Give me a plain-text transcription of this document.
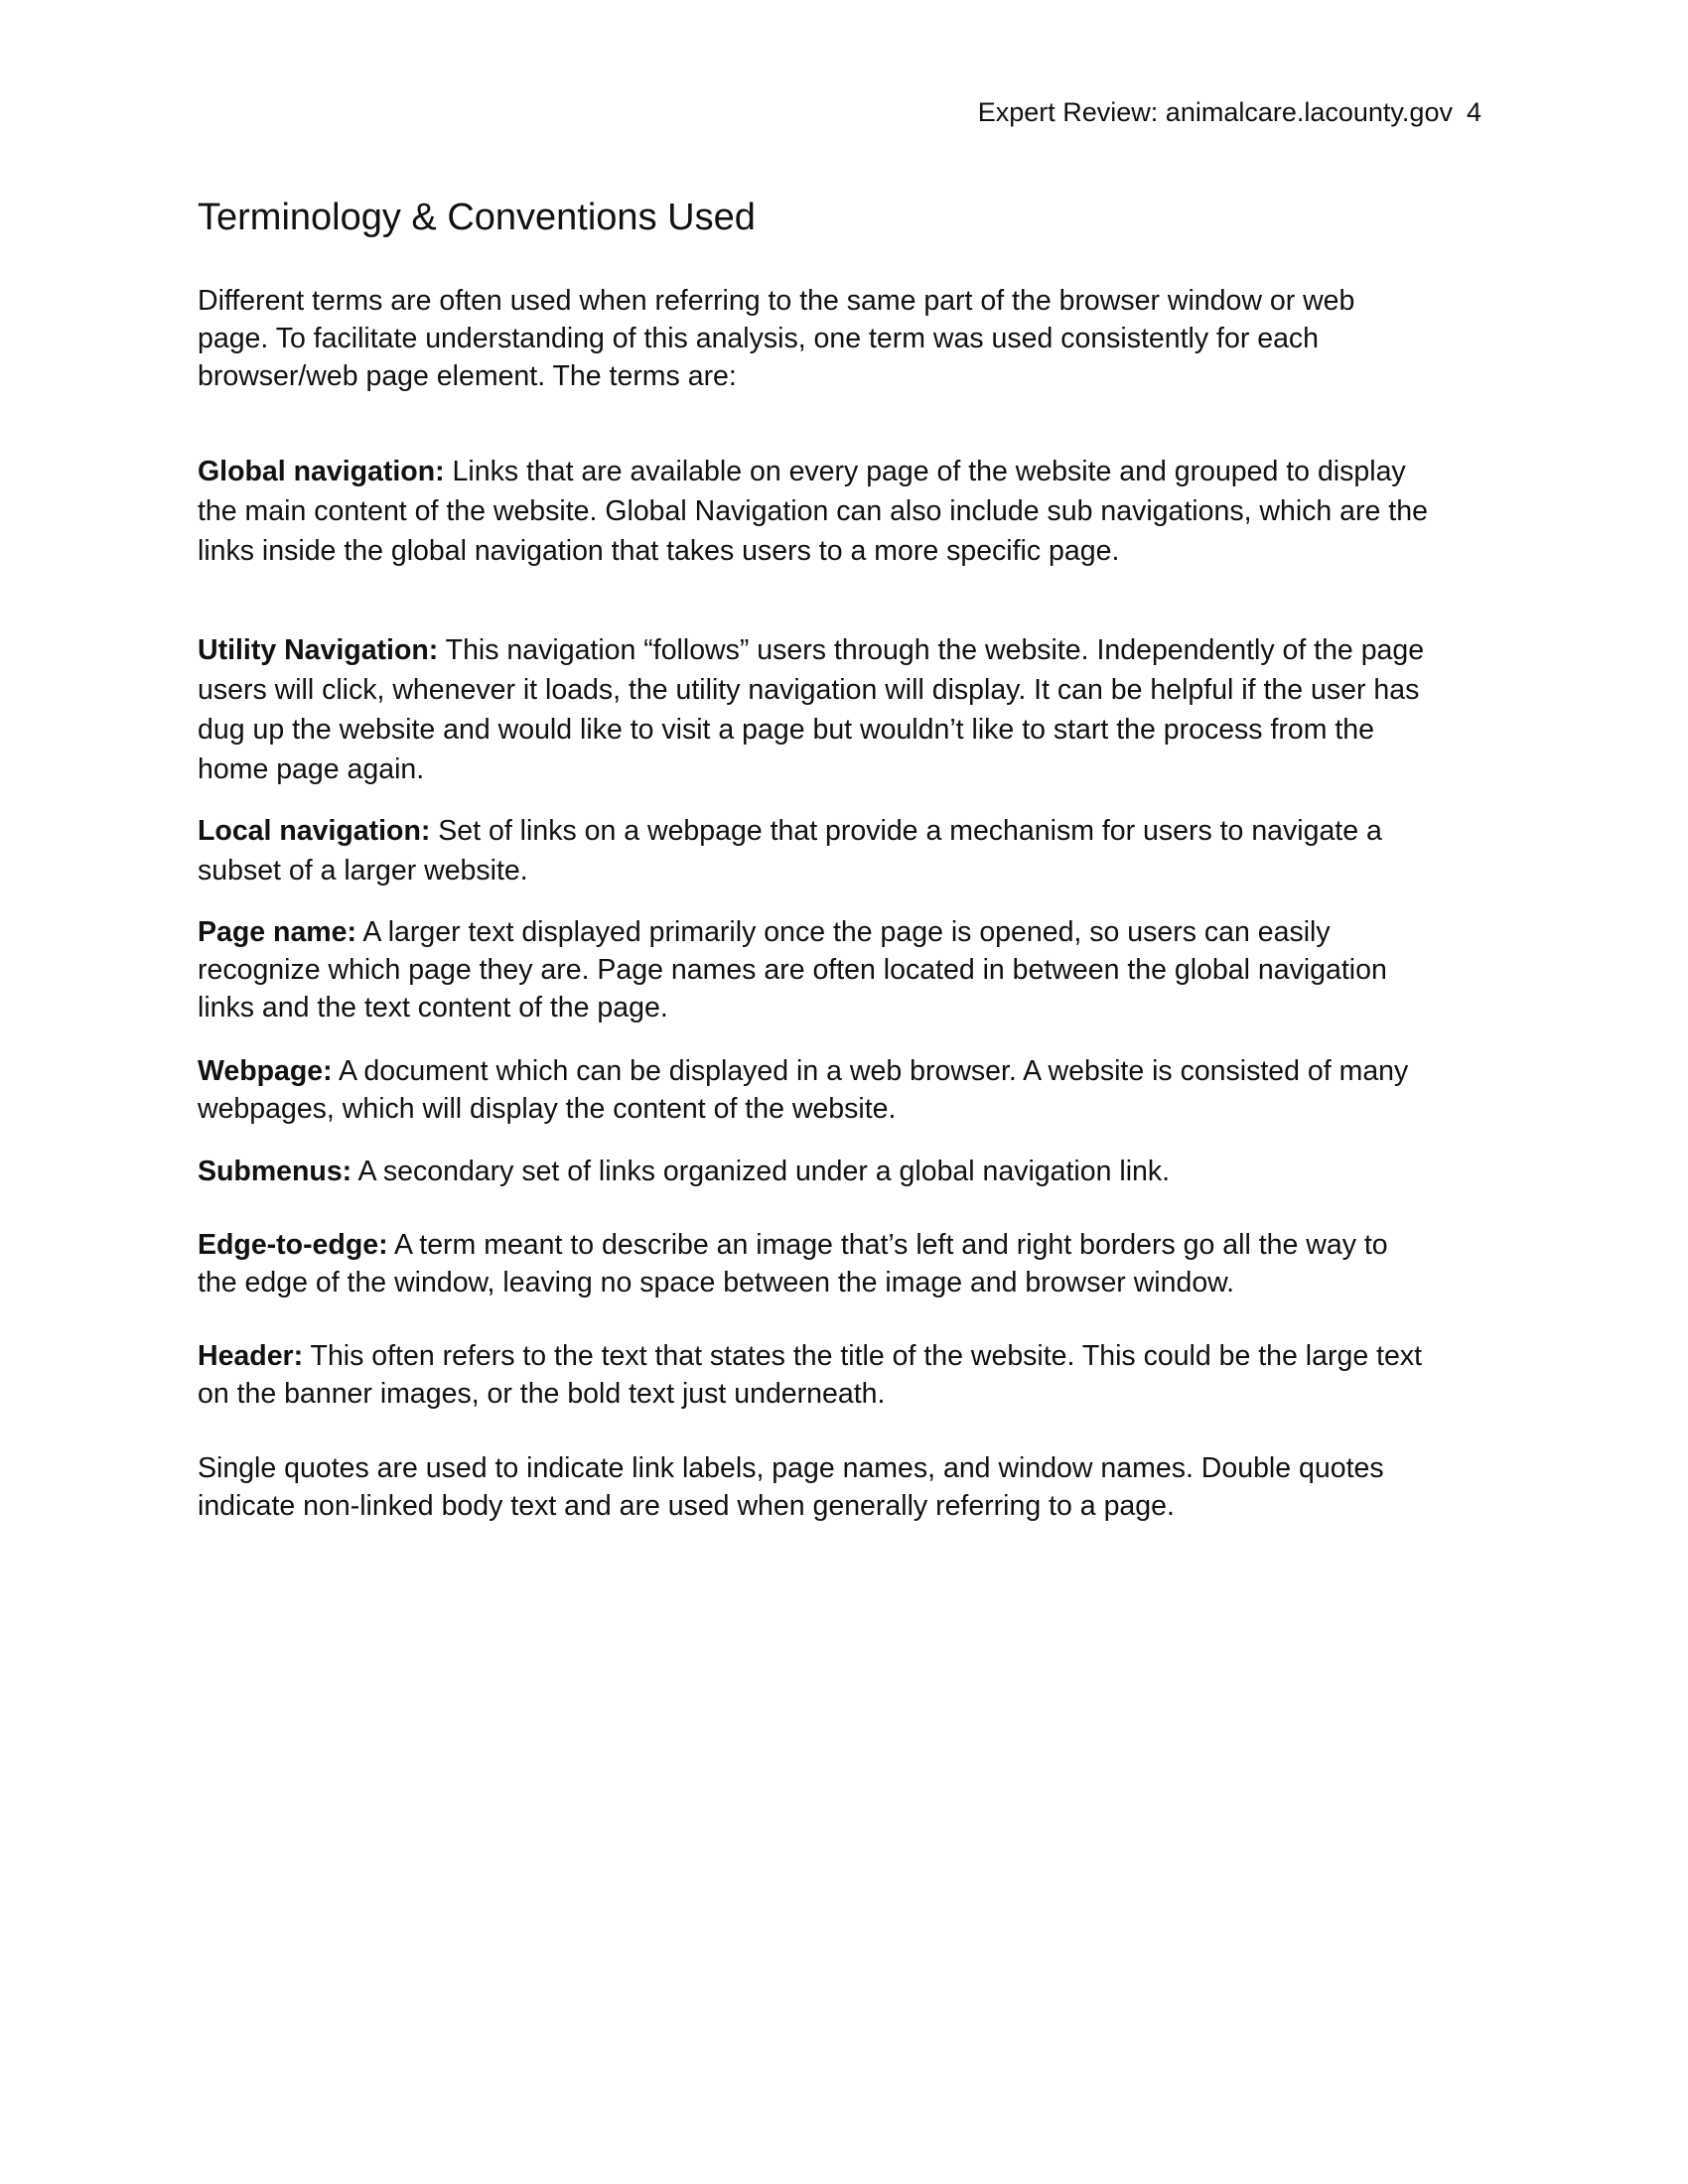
Expert Review: animalcare.lacounty.gov 4
Terminology & Conventions Used

Different terms are often used when referring to the same part of the browser window or web page. To facilitate understanding of this analysis, one term was used consistently for each browser/web page element. The terms are:

Global navigation: Links that are available on every page of the website and grouped to display the main content of the website. Global Navigation can also include sub navigations, which are the links inside the global navigation that takes users to a more specific page.

Utility Navigation: This navigation “follows” users through the website. Independently of the page users will click, whenever it loads, the utility navigation will display. It can be helpful if the user has dug up the website and would like to visit a page but wouldn’t like to start the process from the home page again.

Local navigation: Set of links on a webpage that provide a mechanism for users to navigate a subset of a larger website.

Page name: A larger text displayed primarily once the page is opened, so users can easily recognize which page they are. Page names are often located in between the global navigation links and the text content of the page.

Webpage: A document which can be displayed in a web browser. A website is consisted of many webpages, which will display the content of the website.

Submenus: A secondary set of links organized under a global navigation link.

Edge-to-edge: A term meant to describe an image that’s left and right borders go all the way to the edge of the window, leaving no space between the image and browser window.

Header: This often refers to the text that states the title of the website. This could be the large text on the banner images, or the bold text just underneath.

Single quotes are used to indicate link labels, page names, and window names. Double quotes indicate non-linked body text and are used when generally referring to a page.
